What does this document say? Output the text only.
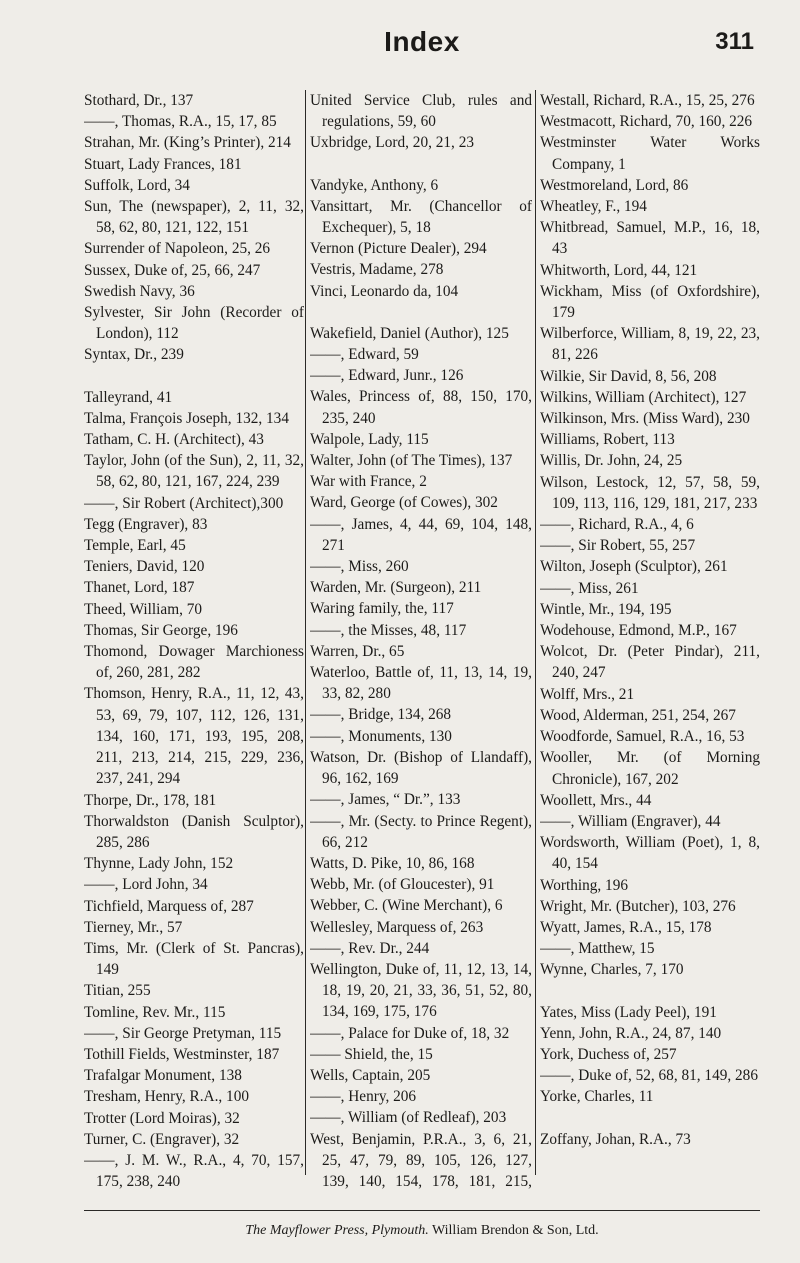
Index	311
Stothard, Dr., 137
——, Thomas, R.A., 15, 17, 85
Strahan, Mr. (King’s Printer), 214
Stuart, Lady Frances, 181
Suffolk, Lord, 34
Sun, The (newspaper), 2, 11, 32, 58, 62, 80, 121, 122, 151
Surrender of Napoleon, 25, 26
Sussex, Duke of, 25, 66, 247
Swedish Navy, 36
Sylvester, Sir John (Recorder of London), 112
Syntax, Dr., 239
Talleyrand, 41
Talma, François Joseph, 132, 134
Tatham, C. H. (Architect), 43
Taylor, John (of the Sun), 2, 11, 32, 58, 62, 80, 121, 167, 224, 239
——, Sir Robert (Architect),300
Tegg (Engraver), 83
Temple, Earl, 45
Teniers, David, 120
Thanet, Lord, 187
Theed, William, 70
Thomas, Sir George, 196
Thomond, Dowager Marchioness of, 260, 281, 282
Thomson, Henry, R.A., 11, 12, 43, 53, 69, 79, 107, 112, 126, 131, 134, 160, 171, 193, 195, 208, 211, 213, 214, 215, 229, 236, 237, 241, 294
Thorpe, Dr., 178, 181
Thorwaldston (Danish Sculptor), 285, 286
Thynne, Lady John, 152
——, Lord John, 34
Tichfield, Marquess of, 287
Tierney, Mr., 57
Tims, Mr. (Clerk of St. Pancras), 149
Titian, 255
Tomline, Rev. Mr., 115
——, Sir George Pretyman, 115
Tothill Fields, Westminster, 187
Trafalgar Monument, 138
Tresham, Henry, R.A., 100
Trotter (Lord Moiras), 32
Turner, C. (Engraver), 32
——, J. M. W., R.A., 4, 70, 157, 175, 238, 240
United Service Club, rules and regulations, 59, 60
Uxbridge, Lord, 20, 21, 23
Vandyke, Anthony, 6
Vansittart, Mr. (Chancellor of Exchequer), 5, 18
Vernon (Picture Dealer), 294
Vestris, Madame, 278
Vinci, Leonardo da, 104
Wakefield, Daniel (Author), 125
——, Edward, 59
——, Edward, Junr., 126
Wales, Princess of, 88, 150, 170, 235, 240
Walpole, Lady, 115
Walter, John (of The Times), 137
War with France, 2
Ward, George (of Cowes), 302
——, James, 4, 44, 69, 104, 148, 271
——, Miss, 260
Warden, Mr. (Surgeon), 211
Waring family, the, 117
——, the Misses, 48, 117
Warren, Dr., 65
Waterloo, Battle of, 11, 13, 14, 19, 33, 82, 280
——, Bridge, 134, 268
——, Monuments, 130
Watson, Dr. (Bishop of Llandaff), 96, 162, 169
——, James, “ Dr.”, 133
——, Mr. (Secty. to Prince Regent), 66, 212
Watts, D. Pike, 10, 86, 168
Webb, Mr. (of Gloucester), 91
Webber, C. (Wine Merchant), 6
Wellesley, Marquess of, 263
——, Rev. Dr., 244
Wellington, Duke of, 11, 12, 13, 14, 18, 19, 20, 21, 33, 36, 51, 52, 80, 134, 169, 175, 176
——, Palace for Duke of, 18, 32
—— Shield, the, 15
Wells, Captain, 205
——, Henry, 206
——, William (of Redleaf), 203
West, Benjamin, P.R.A., 3, 6, 21, 25, 47, 79, 89, 105, 126, 127, 139, 140, 154, 178, 181, 215,
Westall, Richard, R.A., 15, 25, 276
Westmacott, Richard, 70, 160, 226
Westminster Water Works Company, 1
Westmoreland, Lord, 86
Wheatley, F., 194
Whitbread, Samuel, M.P., 16, 18, 43
Whitworth, Lord, 44, 121
Wickham, Miss (of Oxfordshire), 179
Wilberforce, William, 8, 19, 22, 23, 81, 226
Wilkie, Sir David, 8, 56, 208
Wilkins, William (Architect), 127
Wilkinson, Mrs. (Miss Ward), 230
Williams, Robert, 113
Willis, Dr. John, 24, 25
Wilson, Lestock, 12, 57, 58, 59, 109, 113, 116, 129, 181, 217, 233
——, Richard, R.A., 4, 6
——, Sir Robert, 55, 257
Wilton, Joseph (Sculptor), 261
——, Miss, 261
Wintle, Mr., 194, 195
Wodehouse, Edmond, M.P., 167
Wolcot, Dr. (Peter Pindar), 211, 240, 247
Wolff, Mrs., 21
Wood, Alderman, 251, 254, 267
Woodforde, Samuel, R.A., 16, 53
Wooller, Mr. (of Morning Chronicle), 167, 202
Woollett, Mrs., 44
——, William (Engraver), 44
Wordsworth, William (Poet), 1, 8, 40, 154
Worthing, 196
Wright, Mr. (Butcher), 103, 276
Wyatt, James, R.A., 15, 178
——, Matthew, 15
Wynne, Charles, 7, 170
Yates, Miss (Lady Peel), 191
Yenn, John, R.A., 24, 87, 140
York, Duchess of, 257
——, Duke of, 52, 68, 81, 149, 286
Yorke, Charles, 11
Zoffany, Johan, R.A., 73
The Mayflower Press, Plymouth. William Brendon & Son, Ltd.
